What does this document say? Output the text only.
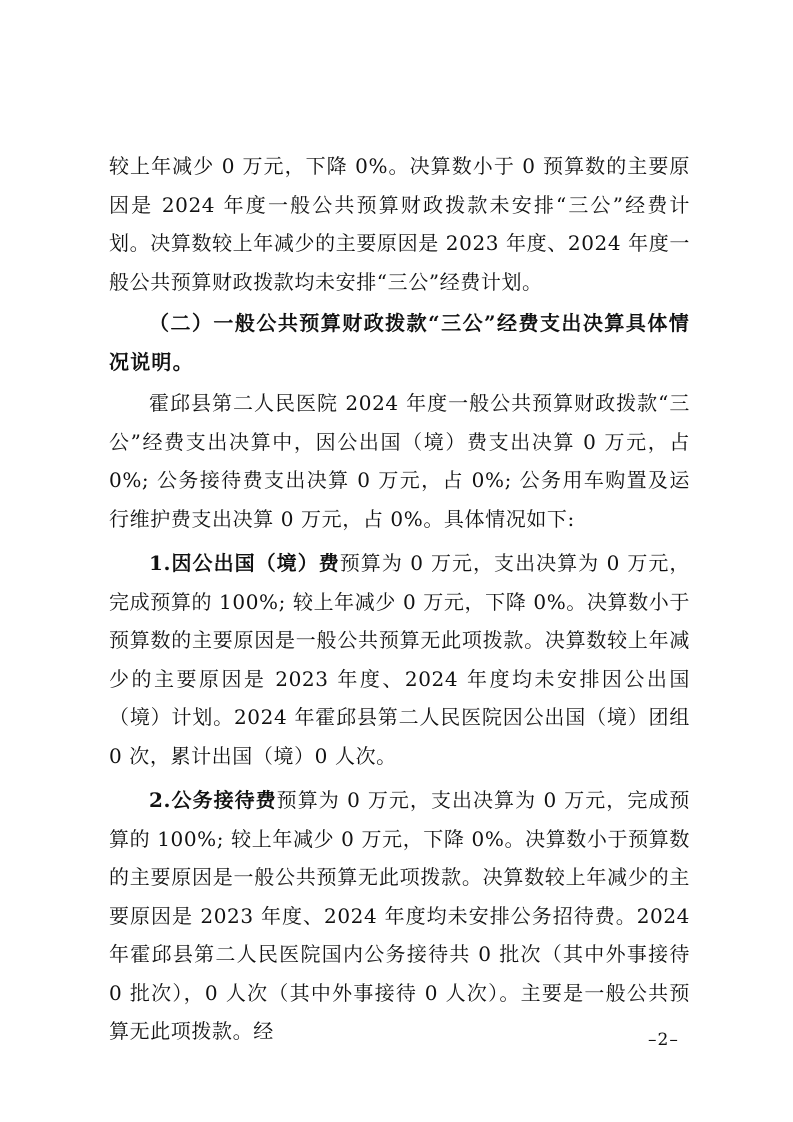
较上年减少 0 万元，下降 0%。决算数小于 0 预算数的主要原因是 2024 年度一般公共预算财政拨款未安排“三公”经费计划。决算数较上年减少的主要原因是 2023 年度、2024 年度一般公共预算财政拨款均未安排“三公”经费计划。

（二）一般公共预算财政拨款“三公”经费支出决算具体情况说明。

霍邱县第二人民医院 2024 年度一般公共预算财政拨款“三公”经费支出决算中，因公出国（境）费支出决算 0 万元，占 0%; 公务接待费支出决算 0 万元，占 0%; 公务用车购置及运行维护费支出决算 0 万元，占 0%。具体情况如下:

1.因公出国（境）费预算为 0 万元，支出决算为 0 万元，完成预算的 100%; 较上年减少 0 万元，下降 0%。决算数小于预算数的主要原因是一般公共预算无此项拨款。决算数较上年减少的主要原因是 2023 年度、2024 年度均未安排因公出国（境）计划。2024 年霍邱县第二人民医院因公出国（境）团组 0 次，累计出国（境）0 人次。

2.公务接待费预算为 0 万元，支出决算为 0 万元，完成预算的 100%; 较上年减少 0 万元，下降 0%。决算数小于预算数的主要原因是一般公共预算无此项拨款。决算数较上年减少的主要原因是 2023 年度、2024 年度均未安排公务招待费。2024 年霍邱县第二人民医院国内公务接待共 0 批次（其中外事接待 0 批次），0 人次（其中外事接待 0 人次）。主要是一般公共预算无此项拨款。经	–2–
